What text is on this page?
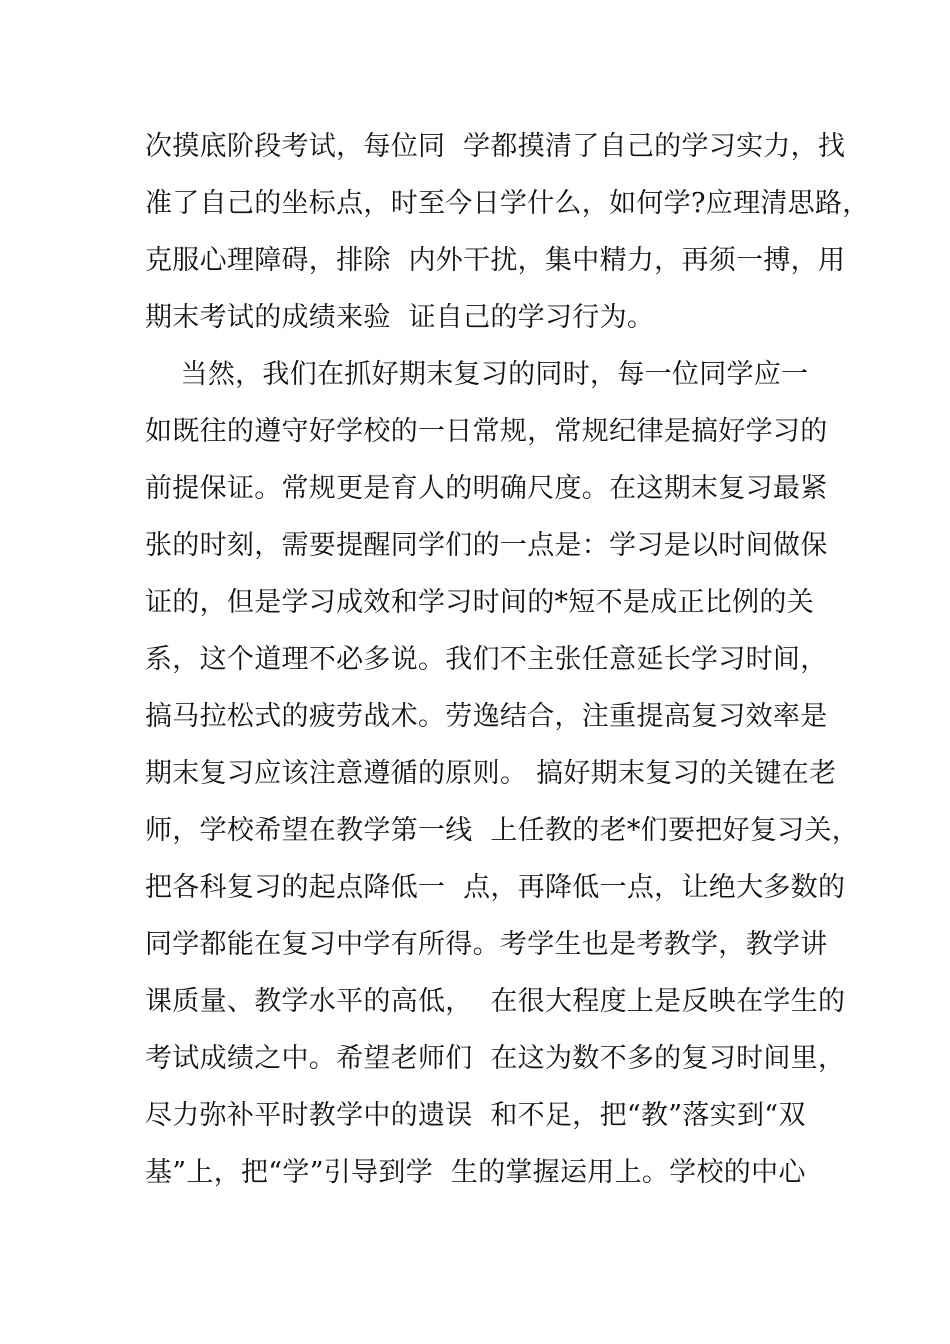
次摸底阶段考试，每位同  学都摸清了自己的学习实力，找
准了自己的坐标点，时至今日学什么，如何学?应理清思路，
克服心理障碍，排除  内外干扰，集中精力，再须一搏，用
期末考试的成绩来验  证自己的学习行为。
当然，我们在抓好期末复习的同时，每一位同学应一
如既往的遵守好学校的一日常规，常规纪律是搞好学习的
前提保证。常规更是育人的明确尺度。在这期末复习最紧
张的时刻，需要提醒同学们的一点是：学习是以时间做保
证的，但是学习成效和学习时间的*短不是成正比例的关
系，这个道理不必多说。我们不主张任意延长学习时间，
搞马拉松式的疲劳战术。劳逸结合，注重提高复习效率是
期末复习应该注意遵循的原则。 搞好期末复习的关键在老
师，学校希望在教学第一线  上任教的老*们要把好复习关，
把各科复习的起点降低一  点，再降低一点，让绝大多数的
同学都能在复习中学有所得。考学生也是考教学，教学讲
课质量、教学水平的高低，  在很大程度上是反映在学生的
考试成绩之中。希望老师们  在这为数不多的复习时间里，
尽力弥补平时教学中的遗误  和不足，把“教”落实到“双
基”上，把“学”引导到学  生的掌握运用上。学校的中心
